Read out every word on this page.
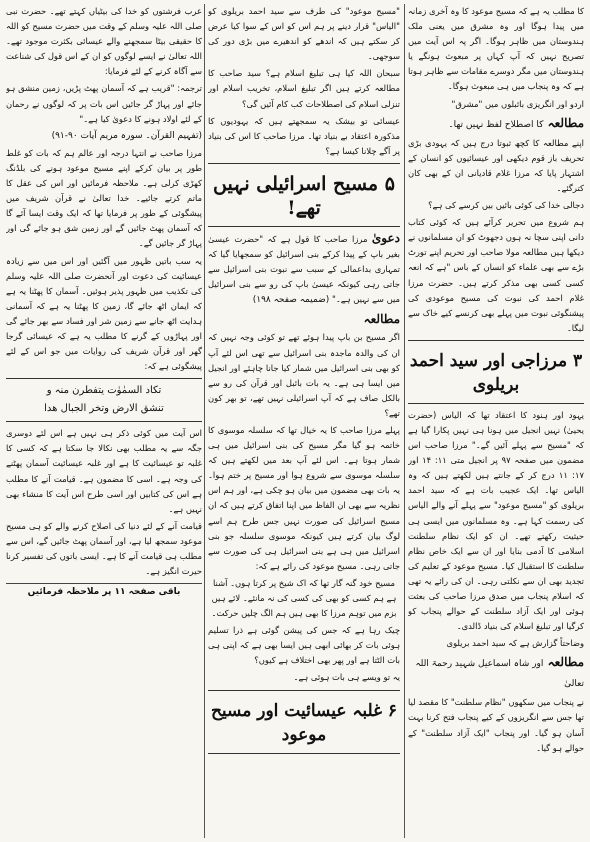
کا مطلب یہ ہے کہ مسیح موعود کا وہ آخری زمانہ میں پیدا ہوگا اور وہ مشرق میں یعنی ملک ہندوستان میں ظاہر ہوگا۔ اگر پہ اس آیت میں تصریح نہیں کہ آپ کہاں پر مبعوث ہونگے یا ہندوستان میں مگر دوسرے مقامات سے ظاہر ہوتا ہے کہ وہ پنجاب میں ہی مبعوث ہوگا۔

اردو اور انگریزی بائبلوں میں "مشرق"

مطالعہ کا اصطلاح لفظ نہیں تھا۔

اپنے مطالعہ کا کچھ ثبوتا درج ہیں کہ یہودی بڑی تحریف باز قوم دیکھی اور عیسائیوں کو انسان کے اشتہار پایا کہ مرزا غلام قادیانی ان کے بھی کان کترگئے۔

دجالی خدا کی کوئی بائیں بیں کرسے کی ہے؟

ہم شروع میں تحریر کرآئے ہیں کہ کوئی کتاب دانی اپنی سچا نہ ہوں دجھوٹ کو ان مسلمانوں نے دیکھا ہیں مطالعہ مولا صاحب اور تحریم اپنے تورٹ بڑے سے بھی علماء کو انسان کے باس "ہے کہ انعہ کسی کسی بھی مذکر کرتے ہیں۔ حضرت مرزا غلام احمد کی نبوت کی مسیح موعودی کی پیشنگوئی نبوت میں پہلے بھی کرنسے کیے خاک سے لیگا۔

۳ مرزاجی اور سید احمد بریلوی

یہود اور ہنود کا اعتقاد تھا کہ الیاس (حضرت یحییٰ) نہیں انجیل میں ہونا ہی نہیں پکارا گیا ہے کہ "مسیح سے پہلے آئیں گے۔" مرزا صاحب اس مضمون میں صفحہ ۹۷ پر انجیل متی ۱۱: ۱۴ اور ۱۷: ۱۱ درج کر کے جانتے ہیں لکھتے ہیں کہ وہ الیاس تھا۔ ایک عجیب بات ہے کہ سید احمد بریلوی کو "مسیح موعود" سے پہلے آنے والے الیاس کی رسمت کہا ہے۔ وہ مسلمانوں میں ایسی ہی حیثیت رکھتے تھے۔ ان کو ایک نظام سلطنت اسلامی کا آدمی بنایا اور ان سے ایک خاص نظام سلطنت کا استقبال کیا۔ مسیح موعود کے تعلیم کی تجدید بھی ان سے نکلتی رہی۔ ان کی رائے یہ تھی کہ اسلام پنجاب میں صدق مرزا صاحب کی بعثت ہوئی اور ایک آزاد سلطنت کے حوالے پنجاب کو کرگیا اور تبلیغ اسلام کی بنیاد ڈالدی۔

وضاحتاً گزارش ہے کہ سید احمد بریلوی

مطالعہ اور شاہ اسماعیل شہید رحمۃ اللہ تعالیٰ

نے پنجاب میں سکھوں "نظام سلطنت" کا مقصد لیا تھا جس سے انگریزوں کے کیے پنجاب فتح کرنا بہت آسان ہو گیا۔ اور پنجاب "ایک آزاد سلطنت" کے حوالے ہو گیا۔

"مسیح موعود" کی طرف سے سید احمد بریلوی کو "الیاس" قرار دینے پر ہم اس کو اس کے سوا کیا عرض کر سکتے ہیں کہ اندھے کو اندھیرے میں بڑی دور کی سوجھی۔

سبحان اللہ کیا ہی تبلیغ اسلام ہے؟ سید صاحب کا مطالعہ کرتے ہیں اگر تبلیغ اسلام، تخریب اسلام اور تنزلی اسلام کی اصطلاحات کب کام آئیں گی؟

عیسائی تو بیشک یہ سمجھتے ہیں کہ یہودیوں کا مذکورہ اعتقاد بے بنیاد تھا۔ مرزا صاحب کا اس کی بنیاد پر آگے چلانا کیسا ہے؟

۵ مسیح اسرائیلی نہیں تھے!

دعویٰ مرزا صاحب کا قول ہے کہ "حضرت عیسیٰ بغیر باپ کے پیدا کرکے بنی اسرائیل کو سمجھایا گیا کہ تمہاری بداعمالی کے سبب سے نبوت بنی اسرائیل سے جاتی رہی کیونکہ عیسیٰ باپ کی رو سے بنی اسرائیل میں سے نہیں ہے۔" (ضمیمہ صفحہ ۱۹۸)

مطالعہ

اگر مسیح بن باپ پیدا ہوئے تھے تو کوئی وجہ نہیں کہ ان کی والدہ ماجدہ بنی اسرائیل سے تھی اس لئے آپ کو بھی بنی اسرائیل میں شمار کیا جانا چاہئے اور انجیل میں ایسا ہی ہے۔ یہ بات بائبل اور قرآن کی رو سے بالکل صاف ہے کہ آپ اسرائیلی نہیں تھے، تو بھر کون تھے؟

پہلے مرزا صاحب کا یہ خیال تھا کہ سلسلہ موسوی کا خاتمہ ہو گیا مگر مسیح کی بنی اسرائیل میں ہی شمار ہوتا ہے۔ اس لئے آپ بعد میں لکھتے ہیں کہ سلسلہ موسوی سے شروع ہوا اور مسیح پر ختم ہوا۔ یہ بات بھی مضمون میں بیان ہو چکی ہے، اور ہم اس نظریہ سے بھی ان الفاظ میں اپنا اتفاق کرتے ہیں کہ ان مسیح اسرائیل کی صورت نہیں جس طرح ہم اسے لوگ بیان کرتے ہیں کیونکہ موسوی سلسلہ جو بنی اسرائیل میں ہی ہے بنی اسرائیل ہی کی صورت سے جاتی رہی۔ مسیح موعود کی رائے ہے کہ:

مسیح خود گنہ گار تھا کہ اک شیخ پر کرتا ہوں۔ آشنا ہے ہم کسی کو بھی کی کسی کی نہ مانئے۔ لائے ہیں بزم میں توہم مرزا کا بھی ہیں ہم الگ چلیں حرکت۔

چیک رہا ہے کہ جس کی پیشن گوئی ہے ذرا تسلیم ہوئی بات کر بھائی ابھی ہیں ایسا بھی ہے کہ اپنی ہی بات الٹتا ہے اور پھر بھی اختلاف ہے کیوں؟

یہ تو ویسے ہی بات ہوئی ہے۔

۶ غلبہ عیسائیت اور مسیح موعود

عرب فرشتوں کو خدا کی بیٹیاں کہتے تھے۔ حضرت نبی صلی اللہ علیہ وسلم کے وقت میں حضرت مسیح کو اللہ کا حقیقی بیٹا سمجھنے والے عیسائی بکثرت موجود تھے۔ اللہ تعالیٰ نے ایسے لوگوں کو ان کے اس قول کی شناعت سے آگاہ کرنے کے لئے فرمایا:

ترجمہ: "قریب ہے کہ آسمان پھٹ پڑیں، زمین منشق ہو جائے اور پہاڑ گر جائیں اس بات پر کہ لوگوں نے رحمان کے لئے اولاد ہونے کا دعویٰ کیا ہے۔"

(تفہیم القرآن۔ سورہ مریم آیات ۹۰-۹۱)

مرزا صاحب نے انتہا درجہ اور عالم ہم کہ بات کو غلط طور پر بیان کرکے اپنے مسیح موعود ہونے کی بلڈنگ کھڑی کرلی ہے۔ ملاحظہ فرمائیں اور اس کی عقل کا ماتم کرتے جائیے۔ خدا تعالیٰ نے قرآن شریف میں پیشگوئی کے طور پر فرمایا تھا کہ ایک وقت ایسا آئے گا کہ آسمان پھٹ جائیں گے اور زمین شق ہو جائے گی اور پہاڑ گر جائیں گے۔

یہ سب باتیں ظہور میں آگئیں اور اس میں سے زیادہ عیسائیت کی دعوت اور آنحضرت صلی اللہ علیہ وسلم کی تکذیب میں ظہور پذیر ہوئیں۔ آسمان کا پھٹنا یہ ہے کہ ایمان اٹھ جائے گا، زمین کا پھٹنا یہ ہے کہ آسمانی ہدایت اٹھ جانے سے زمین شر اور فساد سے بھر جائے گی اور پہاڑوں کے گرنے کا مطلب یہ ہے کہ عیسائی گرجا گھر اور قرآن شریف کی روایات میں جو اس کے لئے پیشگوئی ہے کہ:

تکاد السمٰوٰت یتفطرن منہ و
تنشق الارض وتخر الجبال ھدا

اس آیت میں کوئی ذکر ہی نہیں ہے اس لئے دوسری جگہ سے یہ مطلب بھی نکالا جا سکتا ہے کہ کسی کا غلبہ تو عیسائیت کا ہے اور غلبہ عیسائیت آسمان پھٹنے کی وجہ ہے۔ اسی کا مضمون ہے۔ قیامت آنے کا مطلب ہے اس کی کتابیں اور اسی طرح اس آیت کا منشاء بھی نہیں ہے۔

قیامت آنے کے لئے دنیا کی اصلاح کرنے والے کو ہی مسیح موعود سمجھ لیا ہے، اور آسمان پھٹ جائیں گے، اس سے مطلب ہی قیامت آنے کا ہے۔ ایسی باتوں کی تفسیر کرنا حیرت انگیز ہے۔

باقی صفحہ ۱۱ پر ملاحظہ فرمائیں
